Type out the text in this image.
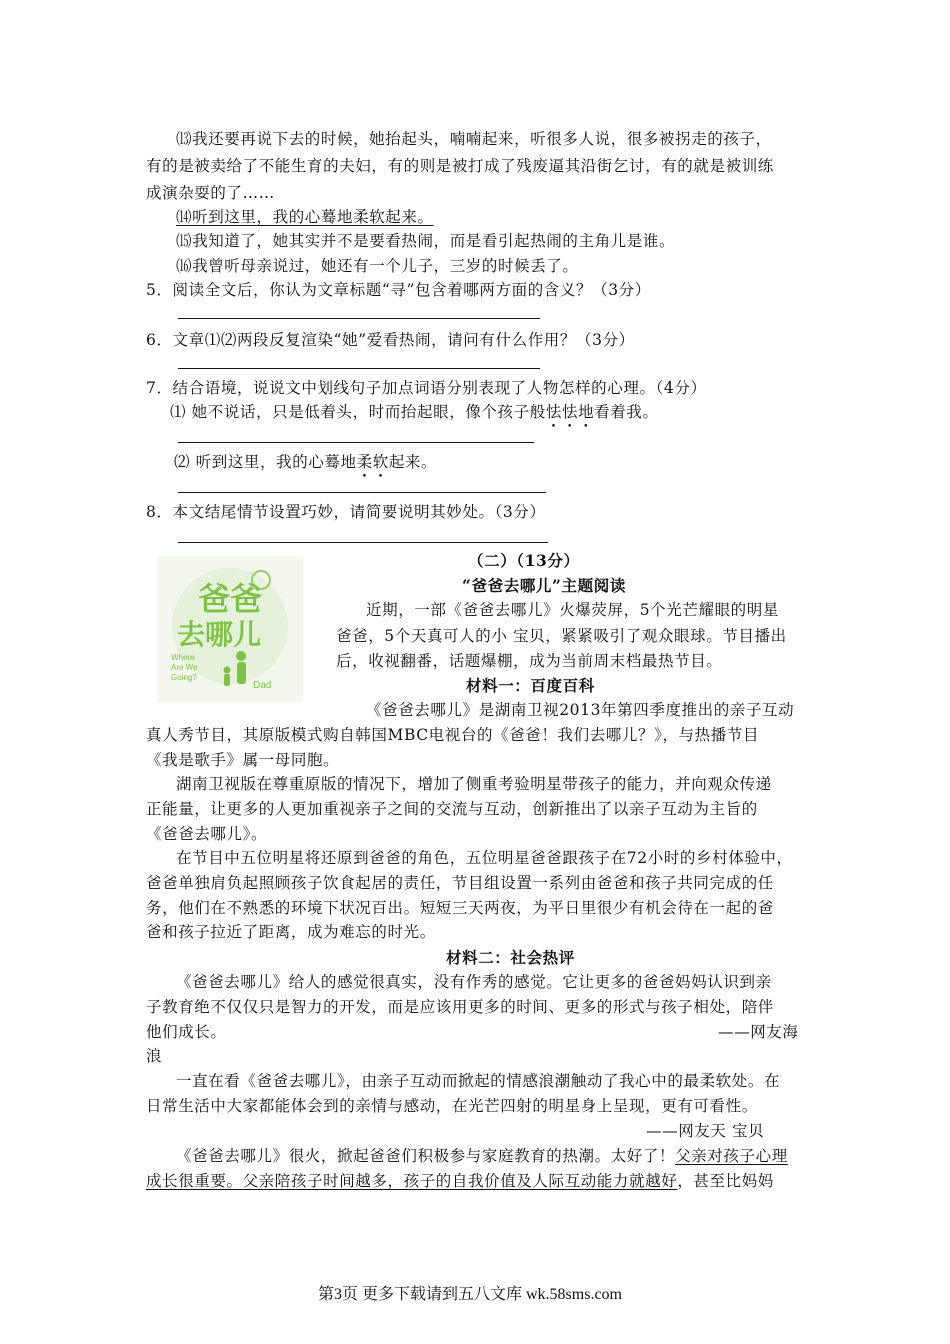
⒀我还要再说下去的时候，她抬起头，喃喃起来，听很多人说，很多被拐走的孩子，
有的是被卖给了不能生育的夫妇，有的则是被打成了残废逼其沿街乞讨，有的就是被训练
成演杂耍的了……
⒁听到这里，我的心蓦地柔软起来。
⒂我知道了，她其实并不是要看热闹，而是看引起热闹的主角儿是谁。
⒃我曾听母亲说过，她还有一个儿子，三岁的时候丢了。
5．阅读全文后，你认为文章标题“寻”包含着哪两方面的含义？（3分）
6．文章⑴⑵两段反复渲染“她”爱看热闹，请问有什么作用？（3分）
7．结合语境，说说文中划线句子加点词语分别表现了人物怎样的心理。（4分）
⑴ 她不说话，只是低着头，时而抬起眼，像个孩子般怯怯地看着我。
⑵ 听到这里，我的心蓦地柔软起来。
8．本文结尾情节设置巧妙，请简要说明其妙处。（3分）
（二）（13分）
“爸爸去哪儿”主题阅读
爸爸
去哪儿
Where
Are We
Going?
Dad
近期，一部《爸爸去哪儿》火爆荧屏，5个光芒耀眼的明星
爸爸，5个天真可人的小 宝贝，紧紧吸引了观众眼球。节目播出
后，收视翻番，话题爆棚，成为当前周末档最热节目。
材料一：百度百科
《爸爸去哪儿》是湖南卫视2013年第四季度推出的亲子互动
真人秀节目，其原版模式购自韩国MBC电视台的《爸爸！我们去哪儿？》，与热播节目
《我是歌手》属一母同胞。
湖南卫视版在尊重原版的情况下，增加了侧重考验明星带孩子的能力，并向观众传递
正能量，让更多的人更加重视亲子之间的交流与互动，创新推出了以亲子互动为主旨的
《爸爸去哪儿》。
在节目中五位明星将还原到爸爸的角色，五位明星爸爸跟孩子在72小时的乡村体验中，
爸爸单独肩负起照顾孩子饮食起居的责任，节目组设置一系列由爸爸和孩子共同完成的任
务，他们在不熟悉的环境下状况百出。短短三天两夜，为平日里很少有机会待在一起的爸
爸和孩子拉近了距离，成为难忘的时光。
材料二：社会热评
《爸爸去哪儿》给人的感觉很真实，没有作秀的感觉。它让更多的爸爸妈妈认识到亲
子教育绝不仅仅只是智力的开发，而是应该用更多的时间、更多的形式与孩子相处，陪伴
他们成长。	——网友海
浪
一直在看《爸爸去哪儿》，由亲子互动而掀起的情感浪潮触动了我心中的最柔软处。在
日常生活中大家都能体会到的亲情与感动，在光芒四射的明星身上呈现，更有可看性。
——网友天 宝贝
《爸爸去哪儿》很火，掀起爸爸们积极参与家庭教育的热潮。太好了！父亲对孩子心理
成长很重要。父亲陪孩子时间越多，孩子的自我价值及人际互动能力就越好，甚至比妈妈
第3页 更多下载请到五八文库 wk.58sms.com
